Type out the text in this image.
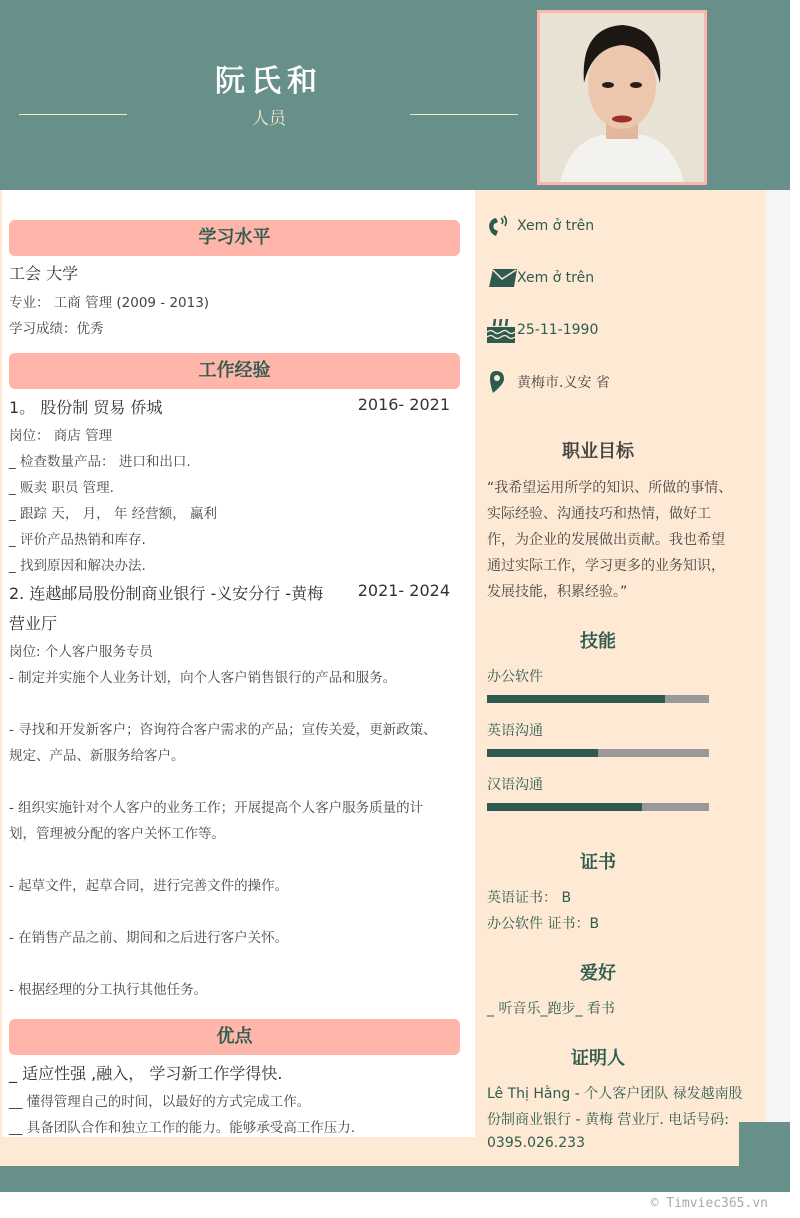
阮氏和
人员
学习水平
工会 大学
专业： 工商 管理 (2009 - 2013)
学习成绩：优秀
工作经验
1。 股份制 贸易 侨城	2016- 2021
岗位： 商店 管理
_ 检查数量产品： 进口和出口.
_ 贩卖 职员 管理.
_ 跟踪 天， 月， 年 经营额， 赢利
_ 评价产品热销和库存.
_ 找到原因和解决办法.
2. 连越邮局股份制商业银行 -义安分行 -黄梅 2021- 2024
营业厅
岗位: 个人客户服务专员
- 制定并实施个人业务计划，向个人客户销售银行的产品和服务。
- 寻找和开发新客户；咨询符合客户需求的产品；宣传关爱，更新政策、
规定、产品、新服务给客户。
- 组织实施针对个人客户的业务工作；开展提高个人客户服务质量的计
划，管理被分配的客户关怀工作等。
- 起草文件，起草合同，进行完善文件的操作。
- 在销售产品之前、期间和之后进行客户关怀。
- 根据经理的分工执行其他任务。
优点
_ 适应性强 ,融入， 学习新工作学得快.
__ 懂得管理自己的时间，以最好的方式完成工作。
__ 具备团队合作和独立工作的能力。能够承受高工作压力.
Xem ở trên
Xem ở trên
25-11-1990
黄梅市.义安 省
职业目标
“我希望运用所学的知识、所做的事情、
实际经验、沟通技巧和热情，做好工
作，为企业的发展做出贡献。我也希望
通过实际工作，学习更多的业务知识，
发展技能，积累经验。”
技能
办公软件
英语沟通
汉语沟通
证书
英语证书： B
办公软件 证书：B
爱好
_ 听音乐_跑步_ 看书
证明人
Lê Thị Hằng - 个人客户团队 禄发越南股
份制商业银行 - 黄梅 营业厅. 电话号码:
0395.026.233
© Timviec365.vn
